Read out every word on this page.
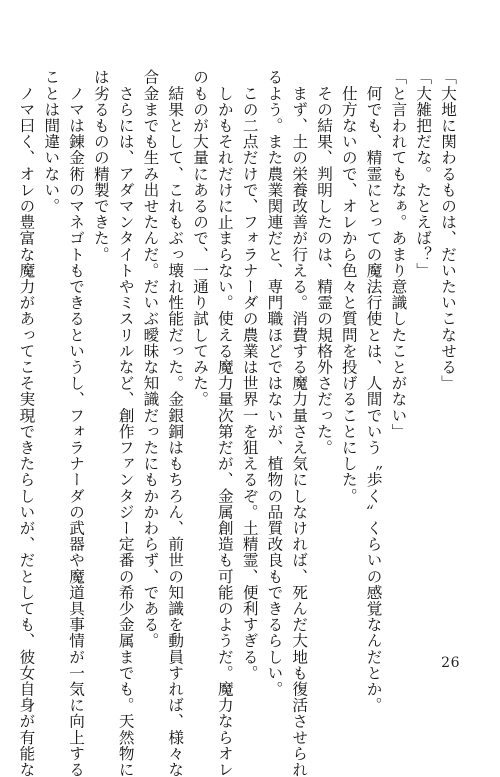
「大地に関わるものは、だいたいこなせる」

「大雑把だな。たとえば？」

「と言われてもなぁ。あまり意識したことがない」

　何でも、精霊にとっての魔法行使とは、人間でいう〝歩く〟くらいの感覚なんだとか。

　仕方ないので、オレから色々と質問を投げることにした。

　その結果、判明したのは、精霊の規格外さだった。

　まず、土の栄養改善が行える。消費する魔力量さえ気にしなければ、死んだ大地も復活させられ

るよう。また農業関連だと、専門職ほどではないが、植物の品質改良もできるらしい。

　この二点だけで、フォラナーダの農業は世界一を狙えるぞ。土精霊、便利すぎる。

　しかもそれだけに止まらない。使える魔力量次第だが、金属創造も可能のようだ。魔力ならオレ

のものが大量にあるので、一通り試してみた。

　結果として、これもぶっ壊れ性能だった。金銀銅はもちろん、前世の知識を動員すれば、様々な

合金までも生み出せたんだ。だいぶ曖昧な知識だったにもかかわらず、である。

　さらには、アダマンタイトやミスリルなど、創作ファンタジー定番の希少金属までも。天然物に

は劣るものの精製できた。

　ノマは錬金術のマネゴトもできるというし、フォラナーダの武器や魔道具事情が一気に向上する

ことは間違いない。

　ノマ曰く、オレの豊富な魔力があってこそ実現できたらしいが、だとしても、彼女自身が有能な	26
